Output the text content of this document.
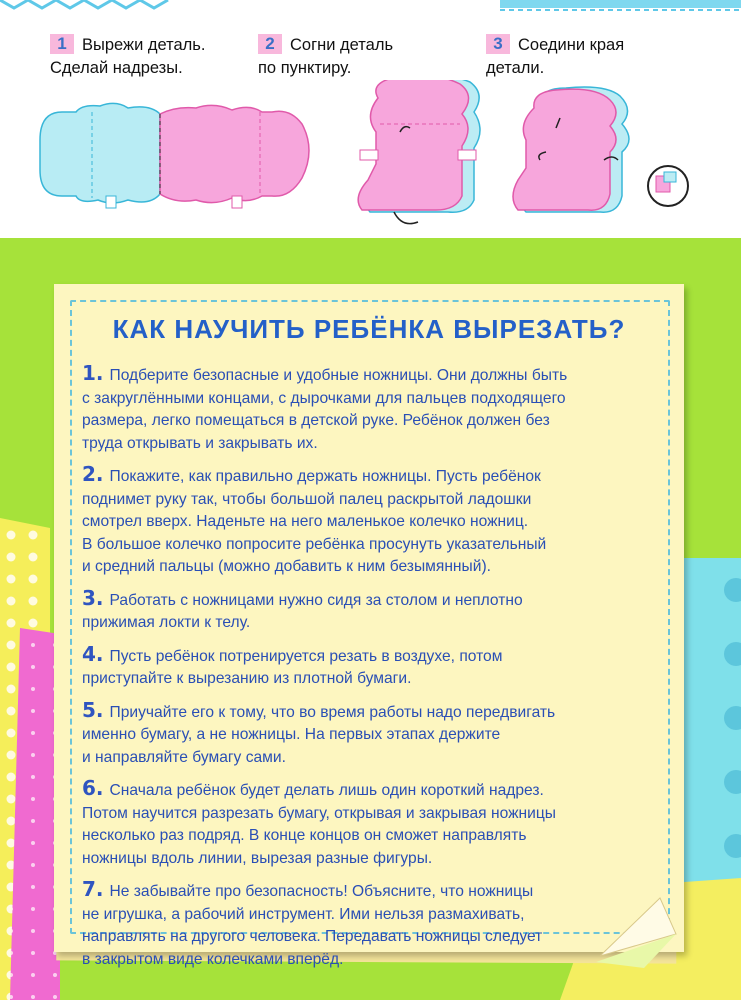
1 Вырежи деталь.
Сделай надрезы.
2 Согни деталь
по пунктиру.
3 Соедини края
детали.
КАК НАУЧИТЬ РЕБЁНКА ВЫРЕЗАТЬ?
1. Подберите безопасные и удобные ножницы. Они должны быть
с закруглёнными концами, с дырочками для пальцев подходящего
размера, легко помещаться в детской руке. Ребёнок должен без
труда открывать и закрывать их.
2. Покажите, как правильно держать ножницы. Пусть ребёнок
поднимет руку так, чтобы большой палец раскрытой ладошки
смотрел вверх. Наденьте на него маленькое колечко ножниц.
В большое колечко попросите ребёнка просунуть указательный
и средний пальцы (можно добавить к ним безымянный).
3. Работать с ножницами нужно сидя за столом и неплотно
прижимая локти к телу.
4. Пусть ребёнок потренируется резать в воздухе, потом
приступайте к вырезанию из плотной бумаги.
5. Приучайте его к тому, что во время работы надо передвигать
именно бумагу, а не ножницы. На первых этапах держите
и направляйте бумагу сами.
6. Сначала ребёнок будет делать лишь один короткий надрез.
Потом научится разрезать бумагу, открывая и закрывая ножницы
несколько раз подряд. В конце концов он сможет направлять
ножницы вдоль линии, вырезая разные фигуры.
7. Не забывайте про безопасность! Объясните, что ножницы
не игрушка, а рабочий инструмент. Ими нельзя размахивать,
направлять на другого человека. Передавать ножницы следует
в закрытом виде колечками вперёд.
